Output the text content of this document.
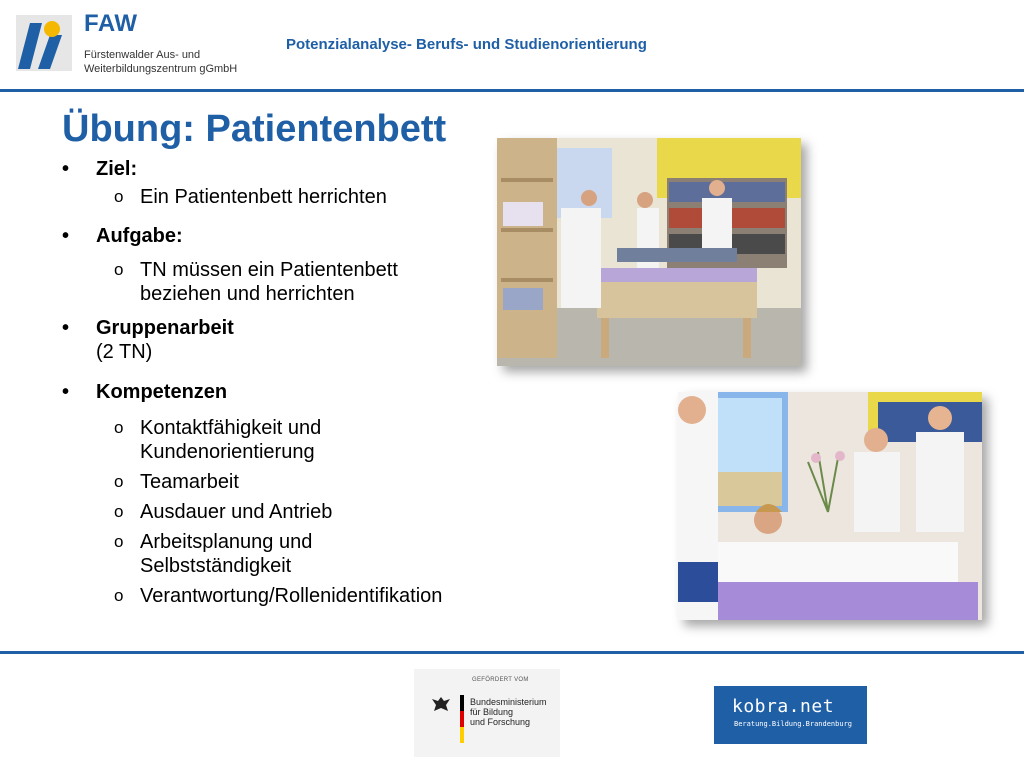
FAW
Fürstenwalder Aus- und
Weiterbildungszentrum gGmbH
Potenzialanalyse- Berufs- und Studienorientierung
Übung: Patientenbett
• Ziel:
o Ein Patientenbett herrichten
• Aufgabe:
o TN müssen ein Patientenbett
beziehen und herrichten
• Gruppenarbeit
(2 TN)
• Kompetenzen
o Kontaktfähigkeit und
Kundenorientierung
o Teamarbeit
o Ausdauer und Antrieb
o Arbeitsplanung und
Selbstständigkeit
o Verantwortung/Rollenidentifikation
GEFÖRDERT VOM
Bundesministerium
für Bildung
und Forschung
kobra.net
Beratung.Bildung.Brandenburg
